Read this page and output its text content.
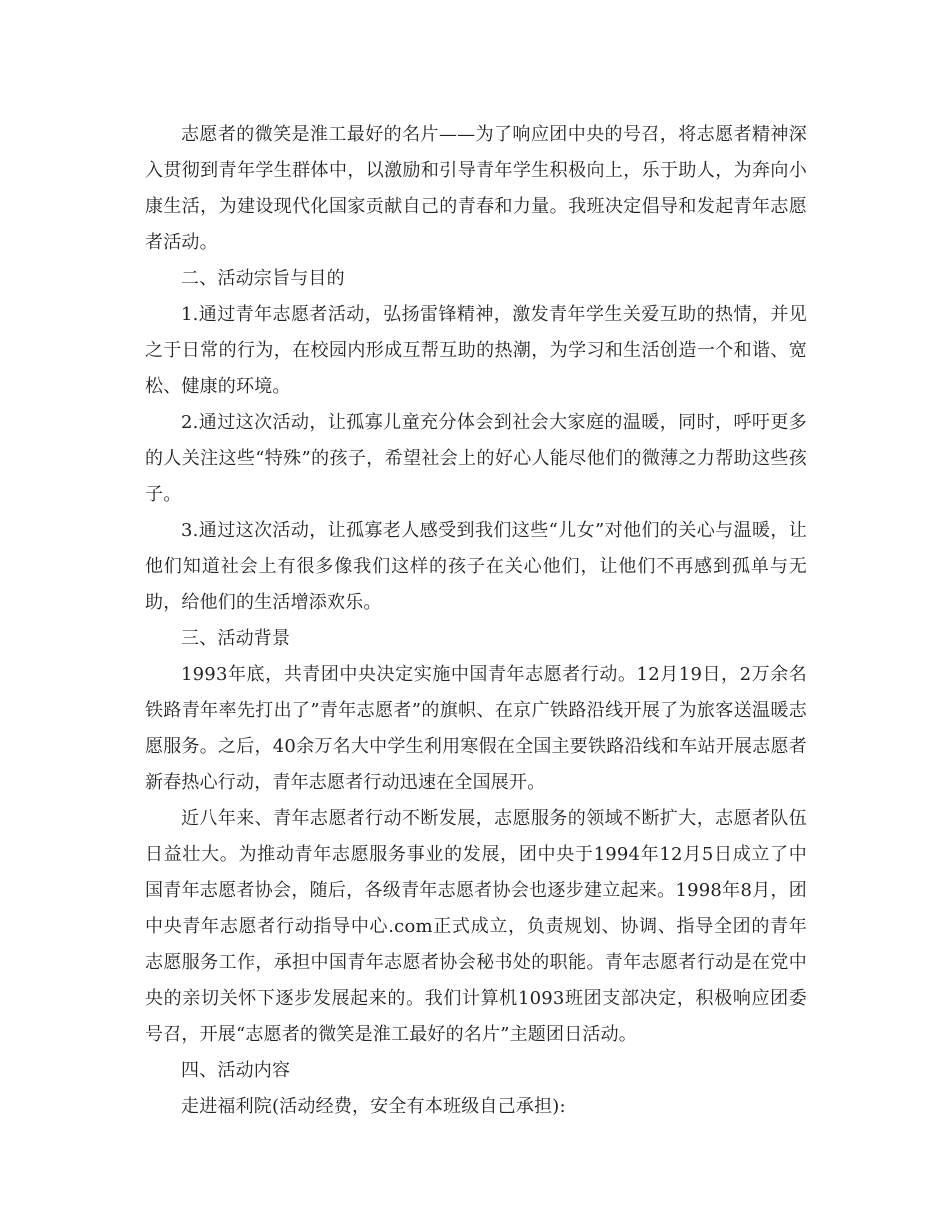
志愿者的微笑是淮工最好的名片——为了响应团中央的号召，将志愿者精神深入贯彻到青年学生群体中，以激励和引导青年学生积极向上，乐于助人，为奔向小康生活，为建设现代化国家贡献自己的青春和力量。我班决定倡导和发起青年志愿者活动。

二、活动宗旨与目的

1.通过青年志愿者活动，弘扬雷锋精神，激发青年学生关爱互助的热情，并见之于日常的行为，在校园内形成互帮互助的热潮，为学习和生活创造一个和谐、宽松、健康的环境。

2.通过这次活动，让孤寡儿童充分体会到社会大家庭的温暖，同时，呼吁更多的人关注这些“特殊”的孩子，希望社会上的好心人能尽他们的微薄之力帮助这些孩子。

3.通过这次活动，让孤寡老人感受到我们这些“儿女”对他们的关心与温暖，让他们知道社会上有很多像我们这样的孩子在关心他们，让他们不再感到孤单与无助，给他们的生活增添欢乐。

三、活动背景

1993年底，共青团中央决定实施中国青年志愿者行动。12月19日，2万余名铁路青年率先打出了”青年志愿者”的旗帜、在京广铁路沿线开展了为旅客送温暖志愿服务。之后，40余万名大中学生利用寒假在全国主要铁路沿线和车站开展志愿者新春热心行动，青年志愿者行动迅速在全国展开。

近八年来、青年志愿者行动不断发展，志愿服务的领域不断扩大，志愿者队伍日益壮大。为推动青年志愿服务事业的发展，团中央于1994年12月5日成立了中国青年志愿者协会，随后，各级青年志愿者协会也逐步建立起来。1998年8月，团中央青年志愿者行动指导中心.com正式成立，负责规划、协调、指导全团的青年志愿服务工作，承担中国青年志愿者协会秘书处的职能。青年志愿者行动是在党中央的亲切关怀下逐步发展起来的。我们计算机1093班团支部决定，积极响应团委号召，开展“志愿者的微笑是淮工最好的名片”主题团日活动。

四、活动内容

走进福利院(活动经费，安全有本班级自己承担):
